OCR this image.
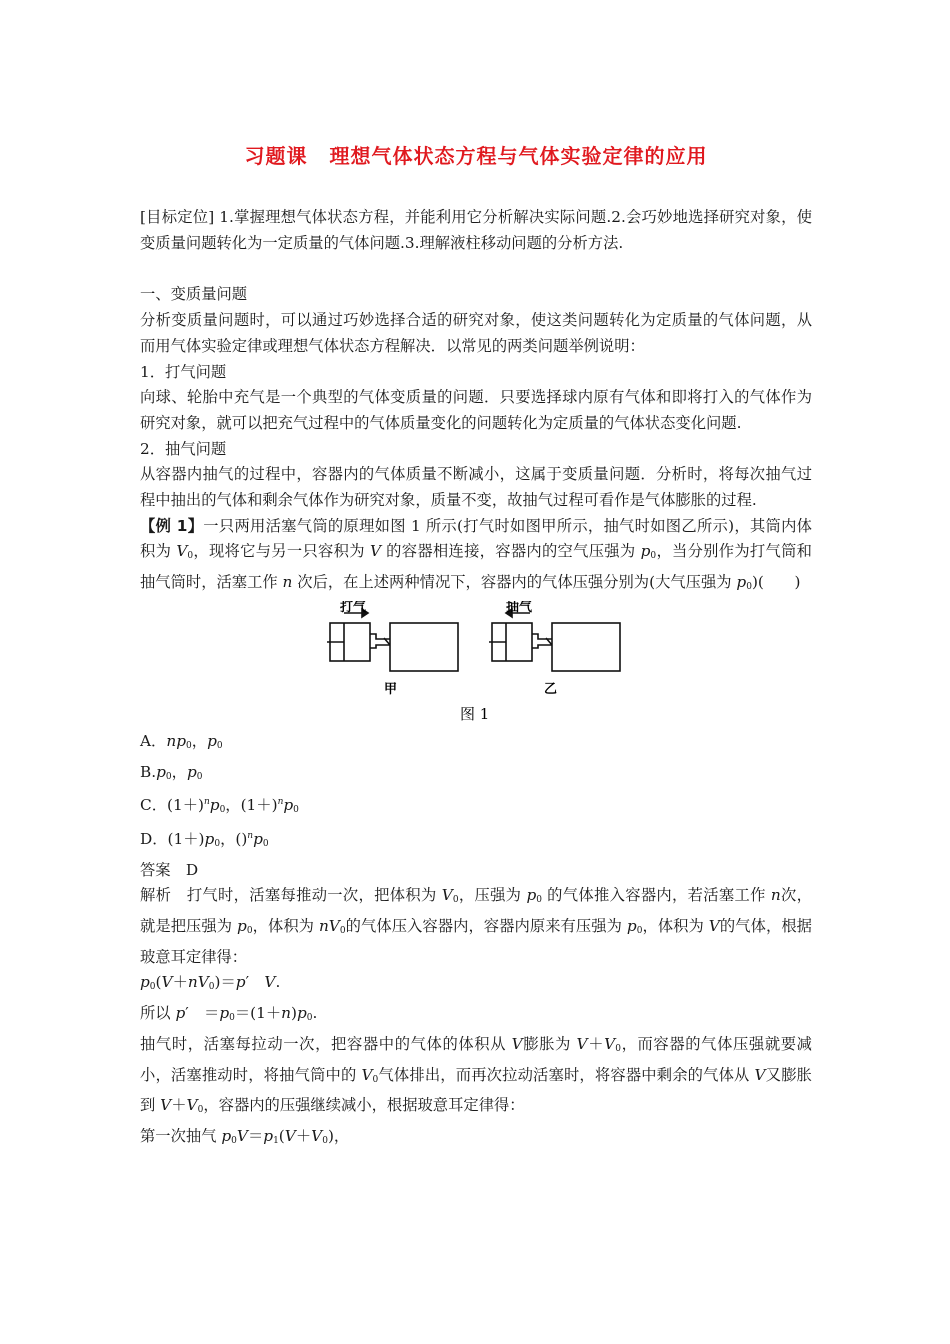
习题课 理想气体状态方程与气体实验定律的应用

[目标定位] 1.掌握理想气体状态方程，并能利用它分析解决实际问题.2.会巧妙地选择研究对象，使变质量问题转化为一定质量的气体问题.3.理解液柱移动问题的分析方法.

一、变质量问题

分析变质量问题时，可以通过巧妙选择合适的研究对象，使这类问题转化为定质量的气体问题，从而用气体实验定律或理想气体状态方程解决．以常见的两类问题举例说明：

1．打气问题

向球、轮胎中充气是一个典型的气体变质量的问题．只要选择球内原有气体和即将打入的气体作为研究对象，就可以把充气过程中的气体质量变化的问题转化为定质量的气体状态变化问题.

2．抽气问题

从容器内抽气的过程中，容器内的气体质量不断减小，这属于变质量问题．分析时，将每次抽气过程中抽出的气体和剩余气体作为研究对象，质量不变，故抽气过程可看作是气体膨胀的过程.

【例 1】一只两用活塞气筒的原理如图 1 所示(打气时如图甲所示，抽气时如图乙所示)，其筒内体积为 $V_0$，现将它与另一只容积为 V 的容器相连接，容器内的空气压强为 $p_0$，当分别作为打气筒和抽气筒时，活塞工作 n 次后，在上述两种情况下，容器内的气体压强分别为(大气压强为 $p_0$)(　　)

打气	抽气
甲	乙
图 1

A．$np_0$，$p_0$

$B.p_0$，$p_0$

C．$(1+)^np_0$，$(1+)^np_0$

D．$(1+)p_0$，$()^np_0$

答案　D

解析　打气时，活塞每推动一次，把体积为 $V_0$，压强为 $p_0$ 的气体推入容器内，若活塞工作 n次，就是把压强为 $p_0$，体积为 $nV_0$的气体压入容器内，容器内原来有压强为 $p_0$，体积为 V的气体，根据玻意耳定律得：

$p_0(V+nV_0)=p'$　V.

所以 p′　$=p_0=(1+n)p_0$.

抽气时，活塞每拉动一次，把容器中的气体的体积从 V膨胀为 $V+V_0$，而容器的气体压强就要减小，活塞推动时，将抽气筒中的 $V_0$气体排出，而再次拉动活塞时，将容器中剩余的气体从 V又膨胀到 $V+V_0$，容器内的压强继续减小，根据玻意耳定律得：

第一次抽气 $p_0V=p_1(V+V_0)$，
